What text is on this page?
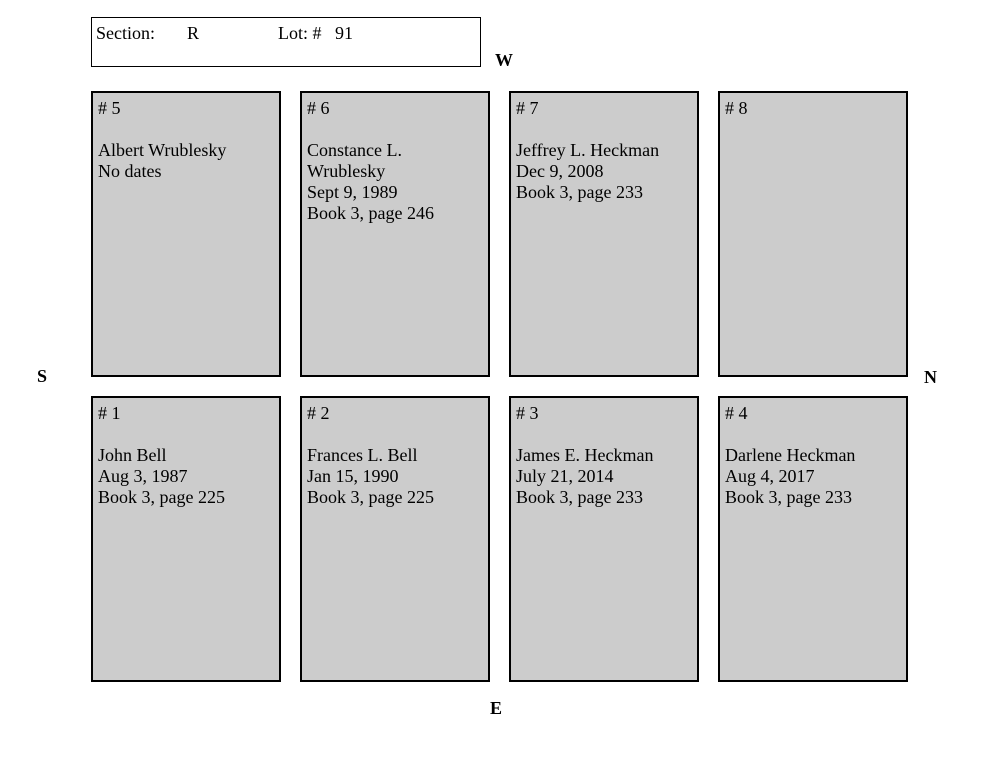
Section: R	Lot: # 91
W
E
S	N
# 5
Albert Wrublesky
No dates
# 6
Constance L.
Wrublesky
Sept 9, 1989
Book 3, page 246
# 7
Jeffrey L. Heckman
Dec 9, 2008
Book 3, page 233
# 8
# 1
John Bell
Aug 3, 1987
Book 3, page 225
# 2
Frances L. Bell
Jan 15, 1990
Book 3, page 225
# 3
James E. Heckman
July 21, 2014
Book 3, page 233
# 4
Darlene Heckman
Aug 4, 2017
Book 3, page 233
